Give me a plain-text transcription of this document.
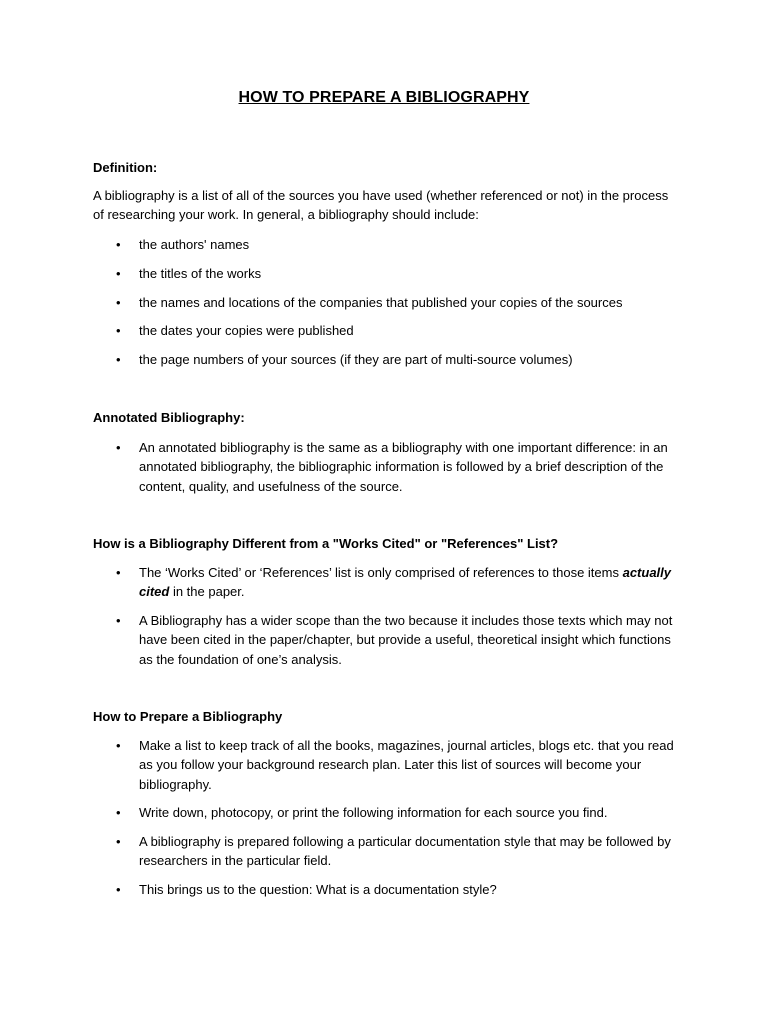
HOW TO PREPARE A BIBLIOGRAPHY
Definition:
A bibliography is a list of all of the sources you have used (whether referenced or not) in the process of researching your work. In general, a bibliography should include:
• the authors' names
• the titles of the works
• the names and locations of the companies that published your copies of the sources
• the dates your copies were published
• the page numbers of your sources (if they are part of multi-source volumes)
Annotated Bibliography:
• An annotated bibliography is the same as a bibliography with one important difference: in an annotated bibliography, the bibliographic information is followed by a brief description of the content, quality, and usefulness of the source.
How is a Bibliography Different from a "Works Cited" or "References" List?
• The ‘Works Cited’ or ‘References’ list is only comprised of references to those items actually cited in the paper.
• A Bibliography has a wider scope than the two because it includes those texts which may not have been cited in the paper/chapter, but provide a useful, theoretical insight which functions as the foundation of one’s analysis.
How to Prepare a Bibliography
• Make a list to keep track of all the books, magazines, journal articles, blogs etc. that you read as you follow your background research plan. Later this list of sources will become your bibliography.
• Write down, photocopy, or print the following information for each source you find.
• A bibliography is prepared following a particular documentation style that may be followed by researchers in the particular field.
• This brings us to the question: What is a documentation style?
